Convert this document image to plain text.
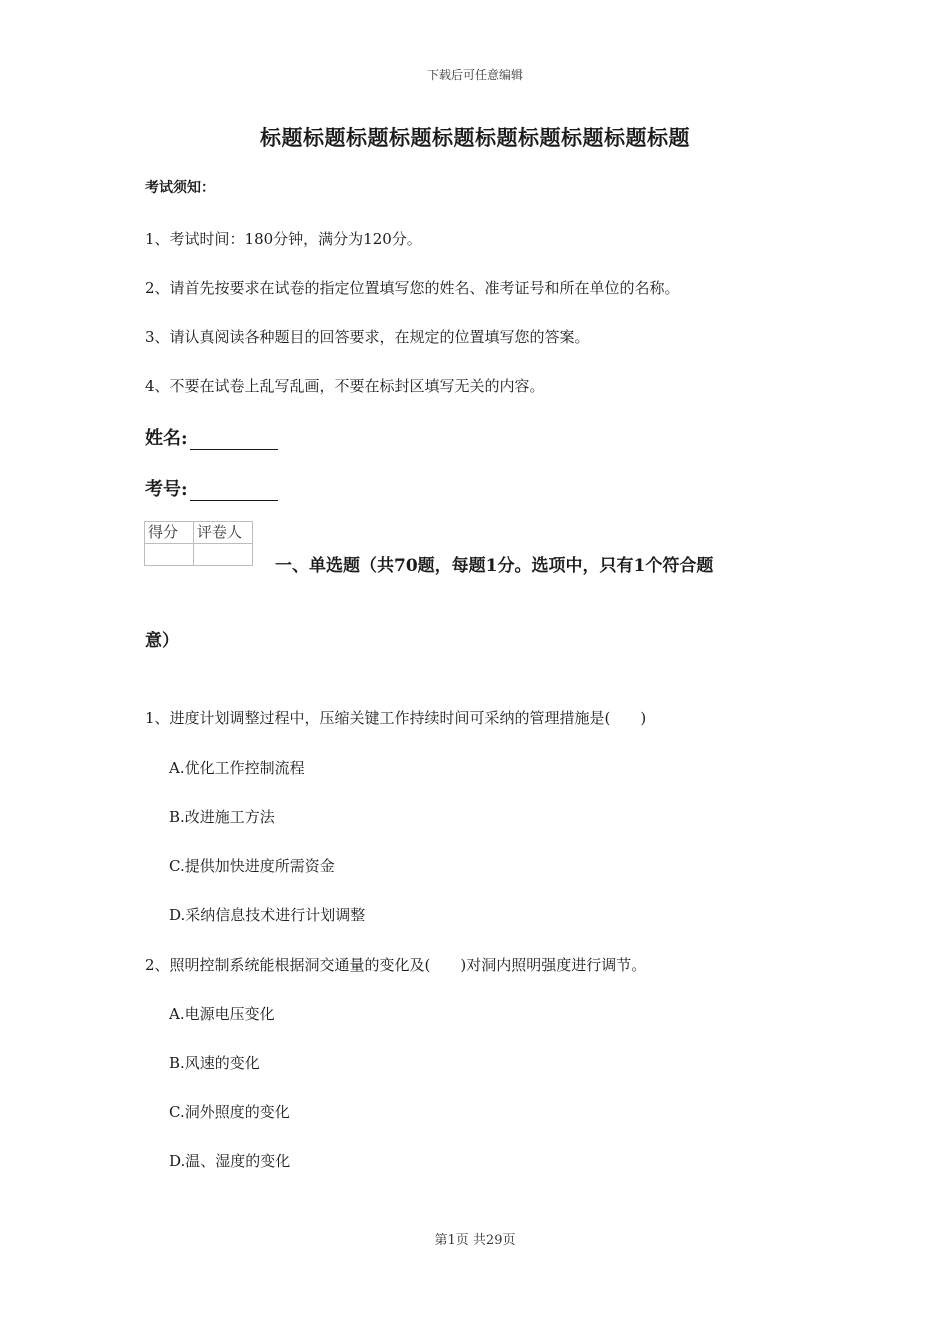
下载后可任意编辑
标题标题标题标题标题标题标题标题标题标题
考试须知：
1、考试时间：180分钟，满分为120分。
2、请首先按要求在试卷的指定位置填写您的姓名、准考证号和所在单位的名称。
3、请认真阅读各种题目的回答要求，在规定的位置填写您的答案。
4、不要在试卷上乱写乱画，不要在标封区填写无关的内容。
姓名:
考号:
得分	评卷人

一、单选题（共70题，每题1分。选项中，只有1个符合题
意）
1、进度计划调整过程中，压缩关键工作持续时间可采纳的管理措施是(　　)
A.优化工作控制流程
B.改进施工方法
C.提供加快进度所需资金
D.采纳信息技术进行计划调整
2、照明控制系统能根据洞交通量的变化及(　　)对洞内照明强度进行调节。
A.电源电压变化
B.风速的变化
C.洞外照度的变化
D.温、湿度的变化
第1页 共29页
